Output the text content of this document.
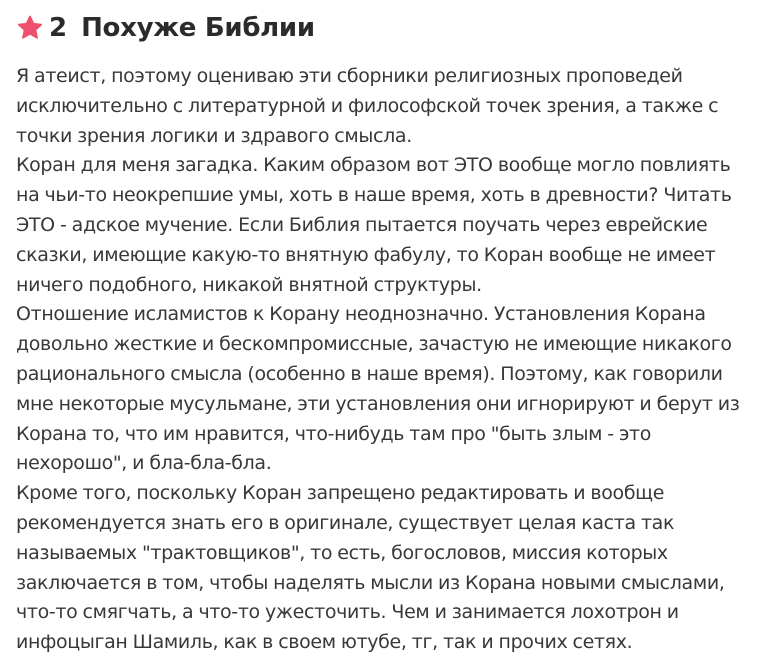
2 Похуже Библии

Я атеист, поэтому оцениваю эти сборники религиозных проповедей исключительно с литературной и философской точек зрения, а также с точки зрения логики и здравого смысла.

Коран для меня загадка. Каким образом вот ЭТО вообще могло повлиять на чьи-то неокрепшие умы, хоть в наше время, хоть в древности? Читать ЭТО - адское мучение. Если Библия пытается поучать через еврейские сказки, имеющие какую-то внятную фабулу, то Коран вообще не имеет ничего подобного, никакой внятной структуры.

Отношение исламистов к Корану неоднозначно. Установления Корана довольно жесткие и бескомпромиссные, зачастую не имеющие никакого рационального смысла (особенно в наше время). Поэтому, как говорили мне некоторые мусульмане, эти установления они игнорируют и берут из Корана то, что им нравится, что-нибудь там про "быть злым - это нехорошо", и бла-бла-бла.

Кроме того, поскольку Коран запрещено редактировать и вообще рекомендуется знать его в оригинале, существует целая каста так называемых "трактовщиков", то есть, богословов, миссия которых заключается в том, чтобы наделять мысли из Корана новыми смыслами, что-то смягчать, а что-то ужесточить. Чем и занимается лохотрон и инфоцыган Шамиль, как в своем ютубе, тг, так и прочих сетях.
